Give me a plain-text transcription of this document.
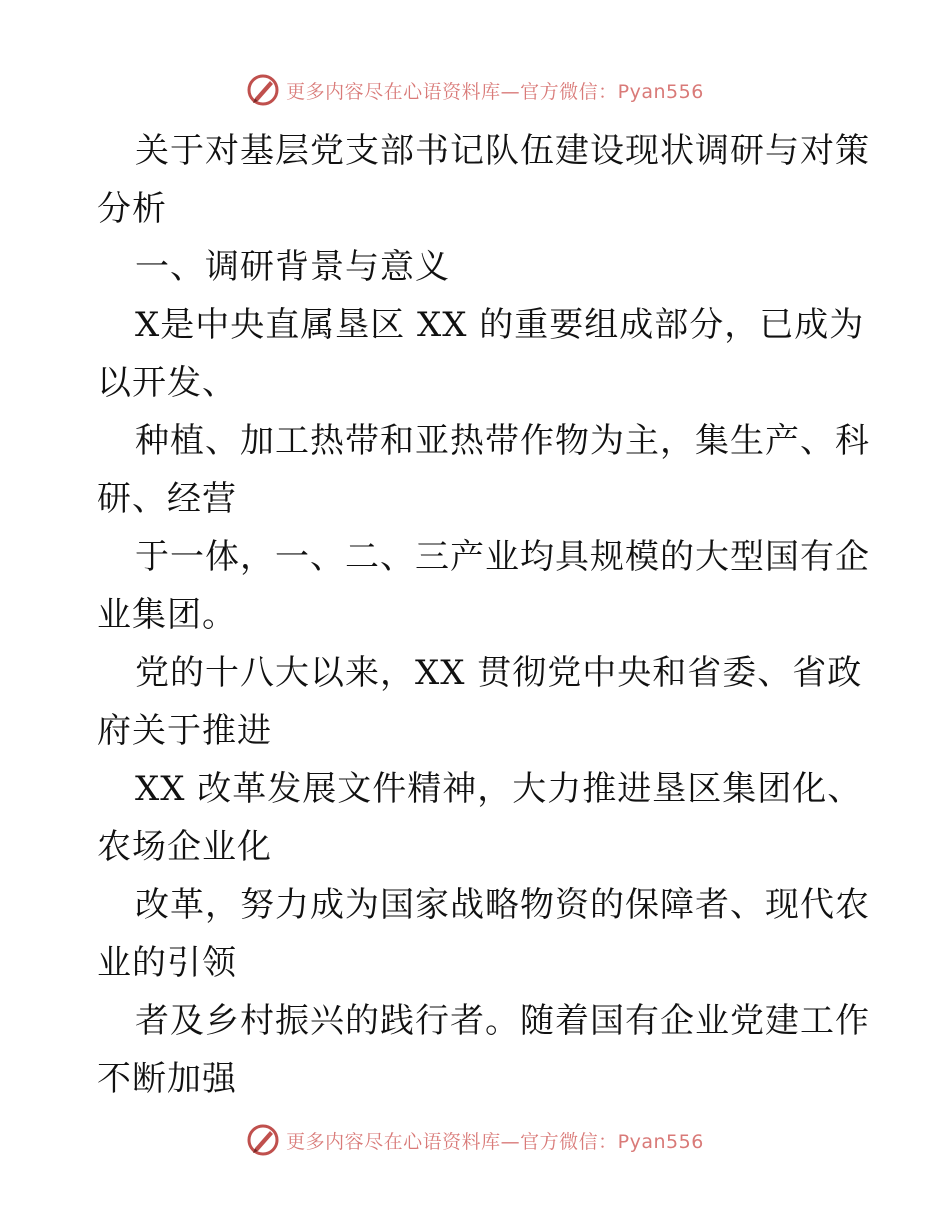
更多内容尽在心语资料库—官方微信：Pyan556
关于对基层党支部书记队伍建设现状调研与对策
分析
一、调研背景与意义
X是中央直属垦区 XX 的重要组成部分，已成为
以开发、
种植、加工热带和亚热带作物为主，集生产、科
研、经营
于一体，一、二、三产业均具规模的大型国有企
业集团。
党的十八大以来，XX 贯彻党中央和省委、省政
府关于推进
XX 改革发展文件精神，大力推进垦区集团化、
农场企业化
改革，努力成为国家战略物资的保障者、现代农
业的引领
者及乡村振兴的践行者。随着国有企业党建工作
不断加强
更多内容尽在心语资料库—官方微信：Pyan556
